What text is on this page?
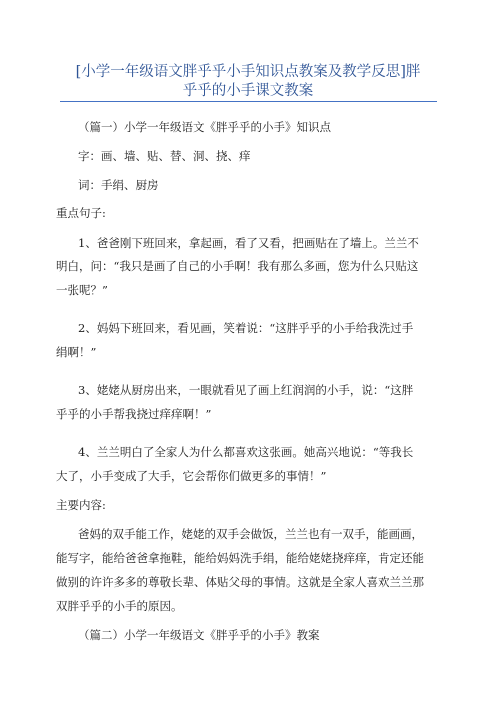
[小学一年级语文胖乎乎小手知识点教案及教学反思]胖
乎乎的小手课文教案
（篇一）小学一年级语文《胖乎乎的小手》知识点
字：画、墙、贴、替、洞、挠、痒
词：手绢、厨房
重点句子:
1、爸爸刚下班回来，拿起画，看了又看，把画贴在了墙上。兰兰不
明白，问：“我只是画了自己的小手啊！我有那么多画，您为什么只贴这
一张呢？”
2、妈妈下班回来，看见画，笑着说：“这胖乎乎的小手给我洗过手
绢啊！”
3、姥姥从厨房出来，一眼就看见了画上红润润的小手，说：“这胖
乎乎的小手帮我挠过痒痒啊！”
4、兰兰明白了全家人为什么都喜欢这张画。她高兴地说：“等我长
大了，小手变成了大手，它会帮你们做更多的事情！”
主要内容:
爸妈的双手能工作，姥姥的双手会做饭，兰兰也有一双手，能画画，
能写字，能给爸爸拿拖鞋，能给妈妈洗手绢，能给姥姥挠痒痒，肯定还能
做别的许许多多的尊敬长辈、体贴父母的事情。这就是全家人喜欢兰兰那
双胖乎乎的小手的原因。
（篇二）小学一年级语文《胖乎乎的小手》教案
